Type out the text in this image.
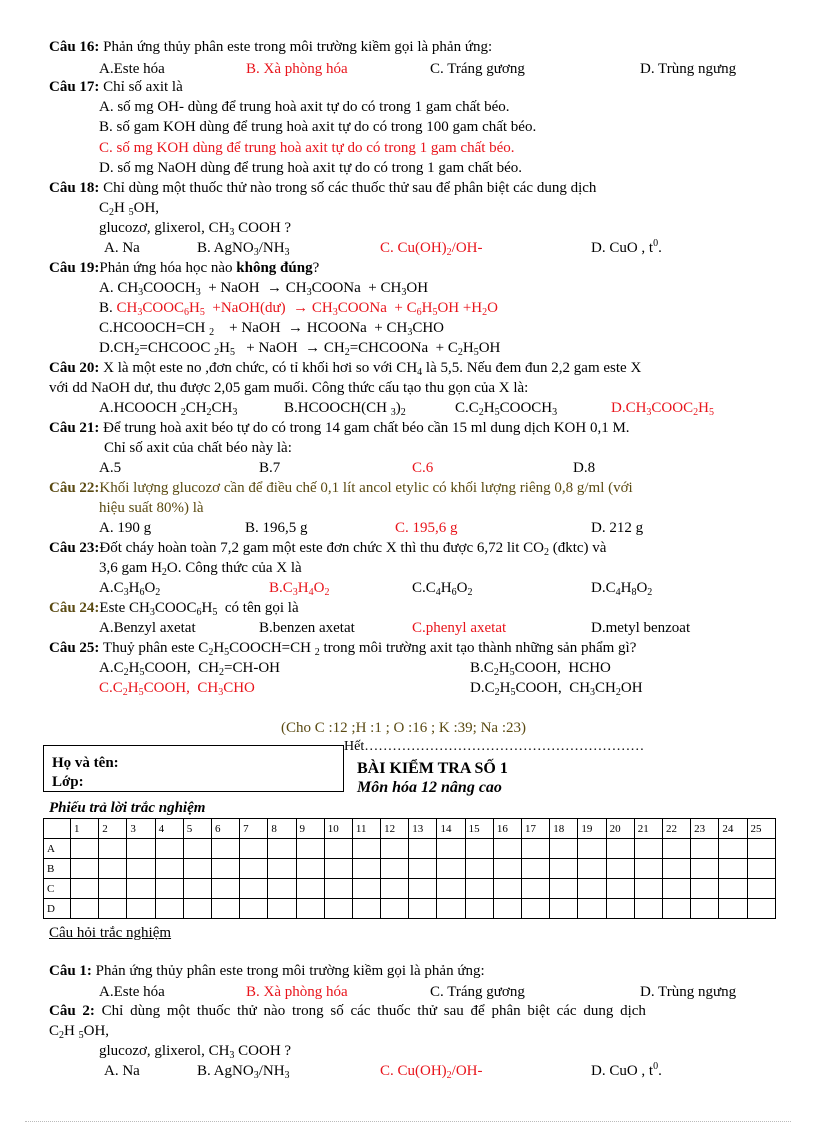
Câu 16: Phản ứng thủy phân este trong môi trường kiềm gọi là phản ứng:
A.Este hóa	B. Xà phòng hóa	C. Tráng gương	D. Trùng ngưng
Câu 17: Chỉ số axit là
A. số mg OH- dùng để trung hoà axit tự do có trong 1 gam chất béo.
B. số gam KOH dùng để trung hoà axit tự do có trong 100 gam chất béo.
C. số mg KOH dùng để trung hoà axit tự do có trong 1 gam chất béo.
D. số mg NaOH dùng để trung hoà axit tự do có trong 1 gam chất béo.
Câu 18: Chỉ dùng một thuốc thử nào trong số các thuốc thử sau để phân biệt các dung dịch
$C_2H$ $_5$OH,
glucozơ, glixerol, $CH_3$ COOH ?
A. Na	B. $AgNO_3/NH_3$	C. $Cu(OH)_2/OH-$	D. CuO , $t^0$.
Câu 19:Phản ứng hóa học nào không đúng?
A. $CH_3COOCH_3$  + NaOH  → $CH_3COONa + CH_3OH$
B. $CH_3COOC_6H_5$  +NaOH(dư)  → $CH_3COONa + C_6H_5OH +H_2O$
C.HCOOCH=CH $_2$    + NaOH  → HCOONa  + $CH_3CHO$
$D.CH_2=CHCOOC$ $_2H_5$   + NaOH  → $CH_2=CHCOONa + C_2H_5OH$
Câu 20: X là một este no ,đơn chức, có tỉ khối hơi so với $CH_4$ là 5,5. Nếu đem đun 2,2 gam este X
với dd NaOH dư, thu được 2,05 gam muối. Công thức cấu tạo thu gọn của X là:
A.HCOOCH $_2CH_2CH_3$	B.HCOOCH(CH $_3)_2$	$C.C_2H_5COOCH_3$	$D.CH_3COOC_2H_5$
Câu 21: Để trung hoà axit béo tự do có trong 14 gam chất béo cần 15 ml dung dịch KOH 0,1 M.
Chỉ số axit của chất béo này là:
A.5	B.7	C.6	D.8
Câu 22:Khối lượng glucozơ cần để điều chế 0,1 lít ancol etylic có khối lượng riêng 0,8 g/ml (với
hiệu suất 80%) là
A. 190 g	B. 196,5 g	C. 195,6 g	D. 212 g
Câu 23:Đốt cháy hoàn toàn 7,2 gam một este đơn chức X thì thu được 6,72 lit $CO_2$ (đktc) và
3,6 gam $H_2O$. Công thức của X là
$A.C_3H_6O_2$	$B.C_3H_4O_2$	$C.C_4H_6O_2$	$D.C_4H_8O_2$
Câu 24:Este $CH_3COOC_6H_5$ có tên gọi là
A.Benzyl axetat	B.benzen axetat	C.phenyl axetat	D.metyl benzoat
Câu 25: Thuỷ phân este $C_2H_5COOCH=CH$ $_2$ trong môi trường axit tạo thành những sản phẩm gì?
$A.C_2H_5COOH$,  $CH_2=CH-OH$	$B.C_2H_5COOH$,  HCHO
$C.C_2H_5COOH$,  $CH_3CHO$	$D.C_2H_5COOH$,  $CH_3CH_2OH$
(Cho C :12 ;H :1 ; O :16 ; K :39; Na :23)
Hết……………………………………………………
Họ và tên:
Lớp:
BÀI KIỂM TRA SỐ 1
Môn hóa 12 nâng cao
Phiếu trả lời trắc nghiệm
	1	2	3	4	5	6	7	8	9	10	11	12	13	14	15	16	17	18	19	20	21	22	23	24	25
A																									
B																									
C																									
D																									
Câu hỏi trắc nghiệm
Câu 1: Phản ứng thủy phân este trong môi trường kiềm gọi là phản ứng:
A.Este hóa	B. Xà phòng hóa	C. Tráng gương	D. Trùng ngưng
Câu 2: Chỉ dùng một thuốc thử nào trong số các thuốc thử sau để phân biệt các dung dịch
$C_2H$ $_5$OH,
glucozơ, glixerol, $CH_3$ COOH ?
A. Na	B. $AgNO_3/NH_3$	C. $Cu(OH)_2/OH-$	D. CuO , $t^0$.
